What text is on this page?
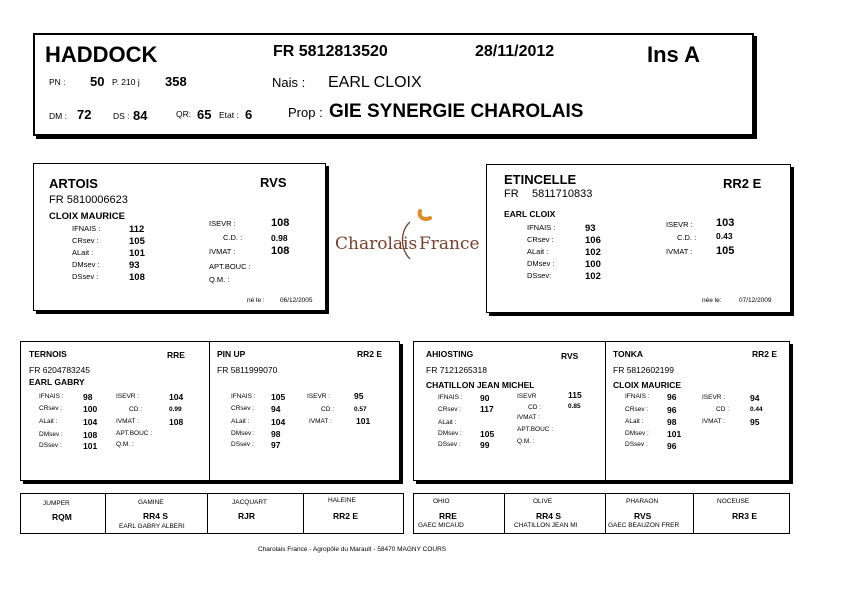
HADDOCK	FR 5812813520	28/11/2012	Ins A
PN : 50 P. 210 j 358	Nais : EARL CLOIX
DM : 72	DS : 84	QR: 65 Etat : 6	Prop : GIE SYNERGIE CHAROLAIS
ARTOIS	RVS
FR 5810006623
CLOIX MAURICE
IFNAIS :	112
CRsev :	105
ALait :	101
DMsev :	93
DSsev :	108
ISEVR :	108
C.D. :	0.98
IVMAT :	108
APT.BOUC :
Q.M. :
né le : 06/12/2005
Charolais France
ETINCELLE	RR2 E
FR 5811710833
EARL CLOIX
IFNAIS :	93
CRsev :	106
ALait :	102
DMsev :	100
DSsev:	102
ISEVR : 103
C.D. : 0.43
IVMAT : 105
née le:	07/12/2009
TERNOIS	RRE
FR 6204783245
EARL GABRY
IFNAIS : 98
CRsev : 100
ALait :	104
DMsev : 108
DSsev : 101
ISEVR :	104
CD :	0.99
IVMAT :	108
APT.BOUC :
Q.M. :
PIN UP	RR2 E
FR 5811999070
IFNAIS : 105
CRsev : 94
ALait :	104
DMsev : 98
DSsev : 97
ISEVR :	95
CD :	0.57
IVMAT :	101
AHIOSTING	RVS
FR 7121265318
CHATILLON JEAN MICHEL
IFNAIS : 90
CRsev : 117
ALait :
DMsev : 105
DSsev : 99
ISEVR	115
CD :	0.85
IVMAT :
APT.BOUC :
Q.M. :
TONKA	RR2 E
FR 5812602199
CLOIX MAURICE
IFNAIS : 96
CRsev : 96
ALait :	98
DMsev : 101
DSsev : 96
ISEVR :	94
CD :	0.44
IVMAT :	95
JUMPER
RQM
GAMINE
RR4 S
EARL GABRY ALBERI
JACQUART
RJR
HALEINE
RR2 E
OHIO
RRE
GAEC MICAUD
OLIVE
RR4 S
CHATILLON JEAN MI
PHARAON
RVS
GAEC BEAUZON FRER
NOCEUSE
RR3 E
Charolais France - Agropôle du Marault - 58470 MAGNY COURS
